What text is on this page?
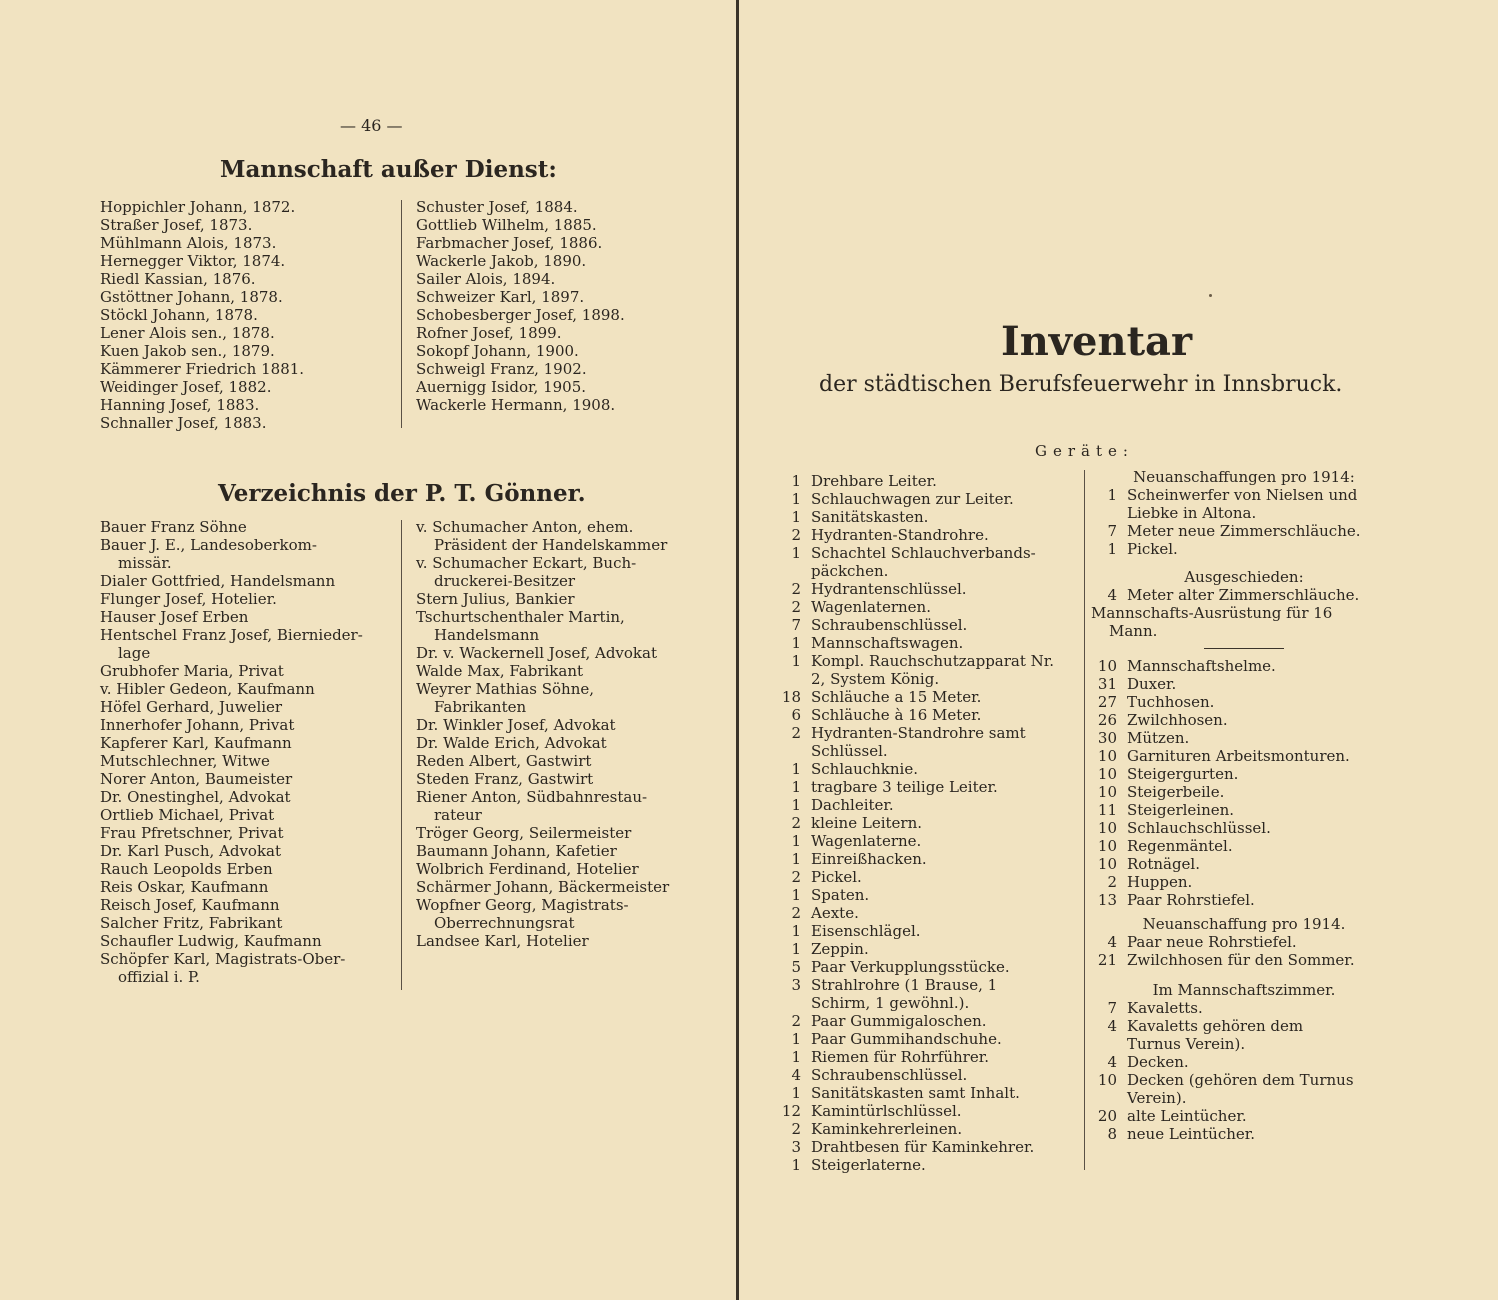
— 46 —
Mannschaft außer Dienst:
Hoppichler Johann, 1872.
Straßer Josef, 1873.
Mühlmann Alois, 1873.
Hernegger Viktor, 1874.
Riedl Kassian, 1876.
Gstöttner Johann, 1878.
Stöckl Johann, 1878.
Lener Alois sen., 1878.
Kuen Jakob sen., 1879.
Kämmerer Friedrich 1881.
Weidinger Josef, 1882.
Hanning Josef, 1883.
Schnaller Josef, 1883.
Schuster Josef, 1884.
Gottlieb Wilhelm, 1885.
Farbmacher Josef, 1886.
Wackerle Jakob, 1890.
Sailer Alois, 1894.
Schweizer Karl, 1897.
Schobesberger Josef, 1898.
Rofner Josef, 1899.
Sokopf Johann, 1900.
Schweigl Franz, 1902.
Auernigg Isidor, 1905.
Wackerle Hermann, 1908.
Verzeichnis der P. T. Gönner.
Bauer Franz Söhne
Bauer J. E., Landesoberkom-
missär.
Dialer Gottfried, Handelsmann
Flunger Josef, Hotelier.
Hauser Josef Erben
Hentschel Franz Josef, Biernieder-
lage
Grubhofer Maria, Privat
v. Hibler Gedeon, Kaufmann
Höfel Gerhard, Juwelier
Innerhofer Johann, Privat
Kapferer Karl, Kaufmann
Mutschlechner, Witwe
Norer Anton, Baumeister
Dr. Onestinghel, Advokat
Ortlieb Michael, Privat
Frau Pfretschner, Privat
Dr. Karl Pusch, Advokat
Rauch Leopolds Erben
Reis Oskar, Kaufmann
Reisch Josef, Kaufmann
Salcher Fritz, Fabrikant
Schaufler Ludwig, Kaufmann
Schöpfer Karl, Magistrats-Ober-
offizial i. P.
v. Schumacher Anton, ehem.
Präsident der Handelskammer
v. Schumacher Eckart, Buch-
druckerei-Besitzer
Stern Julius, Bankier
Tschurtschenthaler Martin,
Handelsmann
Dr. v. Wackernell Josef, Advokat
Walde Max, Fabrikant
Weyrer Mathias Söhne,
Fabrikanten
Dr. Winkler Josef, Advokat
Dr. Walde Erich, Advokat
Reden Albert, Gastwirt
Steden Franz, Gastwirt
Riener Anton, Südbahnrestau-
rateur
Tröger Georg, Seilermeister
Baumann Johann, Kafetier
Wolbrich Ferdinand, Hotelier
Schärmer Johann, Bäckermeister
Wopfner Georg, Magistrats-
Oberrechnungsrat
Landsee Karl, Hotelier
Inventar
der städtischen Berufsfeuerwehr in Innsbruck.
Geräte:
1 Drehbare Leiter.
1 Schlauchwagen zur Leiter.
1 Sanitätskasten.
2 Hydranten-Standrohre.
1 Schachtel Schlauchverbands-
päckchen.
2 Hydrantenschlüssel.
2 Wagenlaternen.
7 Schraubenschlüssel.
1 Mannschaftswagen.
1 Kompl. Rauchschutzapparat Nr.
2, System König.
18 Schläuche a 15 Meter.
6 Schläuche à 16 Meter.
2 Hydranten-Standrohre samt
Schlüssel.
1 Schlauchknie.
1 tragbare 3 teilige Leiter.
1 Dachleiter.
2 kleine Leitern.
1 Wagenlaterne.
1 Einreißhacken.
2 Pickel.
1 Spaten.
2 Aexte.
1 Eisenschlägel.
1 Zeppin.
5 Paar Verkupplungsstücke.
3 Strahlrohre (1 Brause, 1
Schirm, 1 gewöhnl.).
2 Paar Gummigaloschen.
1 Paar Gummihandschuhe.
1 Riemen für Rohrführer.
4 Schraubenschlüssel.
1 Sanitätskasten samt Inhalt.
12 Kamintürlschlüssel.
2 Kaminkehrerleinen.
3 Drahtbesen für Kaminkehrer.
1 Steigerlaterne.
Neuanschaffungen pro 1914:
1 Scheinwerfer von Nielsen und
Liebke in Altona.
7 Meter neue Zimmerschläuche.
1 Pickel.
Ausgeschieden:
4 Meter alter Zimmerschläuche.
Mannschafts-Ausrüstung für 16
Mann.
10 Mannschaftshelme.
31 Duxer.
27 Tuchhosen.
26 Zwilchhosen.
30 Mützen.
10 Garnituren Arbeitsmonturen.
10 Steigergurten.
10 Steigerbeile.
11 Steigerleinen.
10 Schlauchschlüssel.
10 Regenmäntel.
10 Rotnägel.
2 Huppen.
13 Paar Rohrstiefel.
Neuanschaffung pro 1914.
4 Paar neue Rohrstiefel.
21 Zwilchhosen für den Sommer.
Im Mannschaftszimmer.
7 Kavaletts.
4 Kavaletts gehören dem
Turnus Verein).
4 Decken.
10 Decken (gehören dem Turnus
Verein).
20 alte Leintücher.
8 neue Leintücher.
